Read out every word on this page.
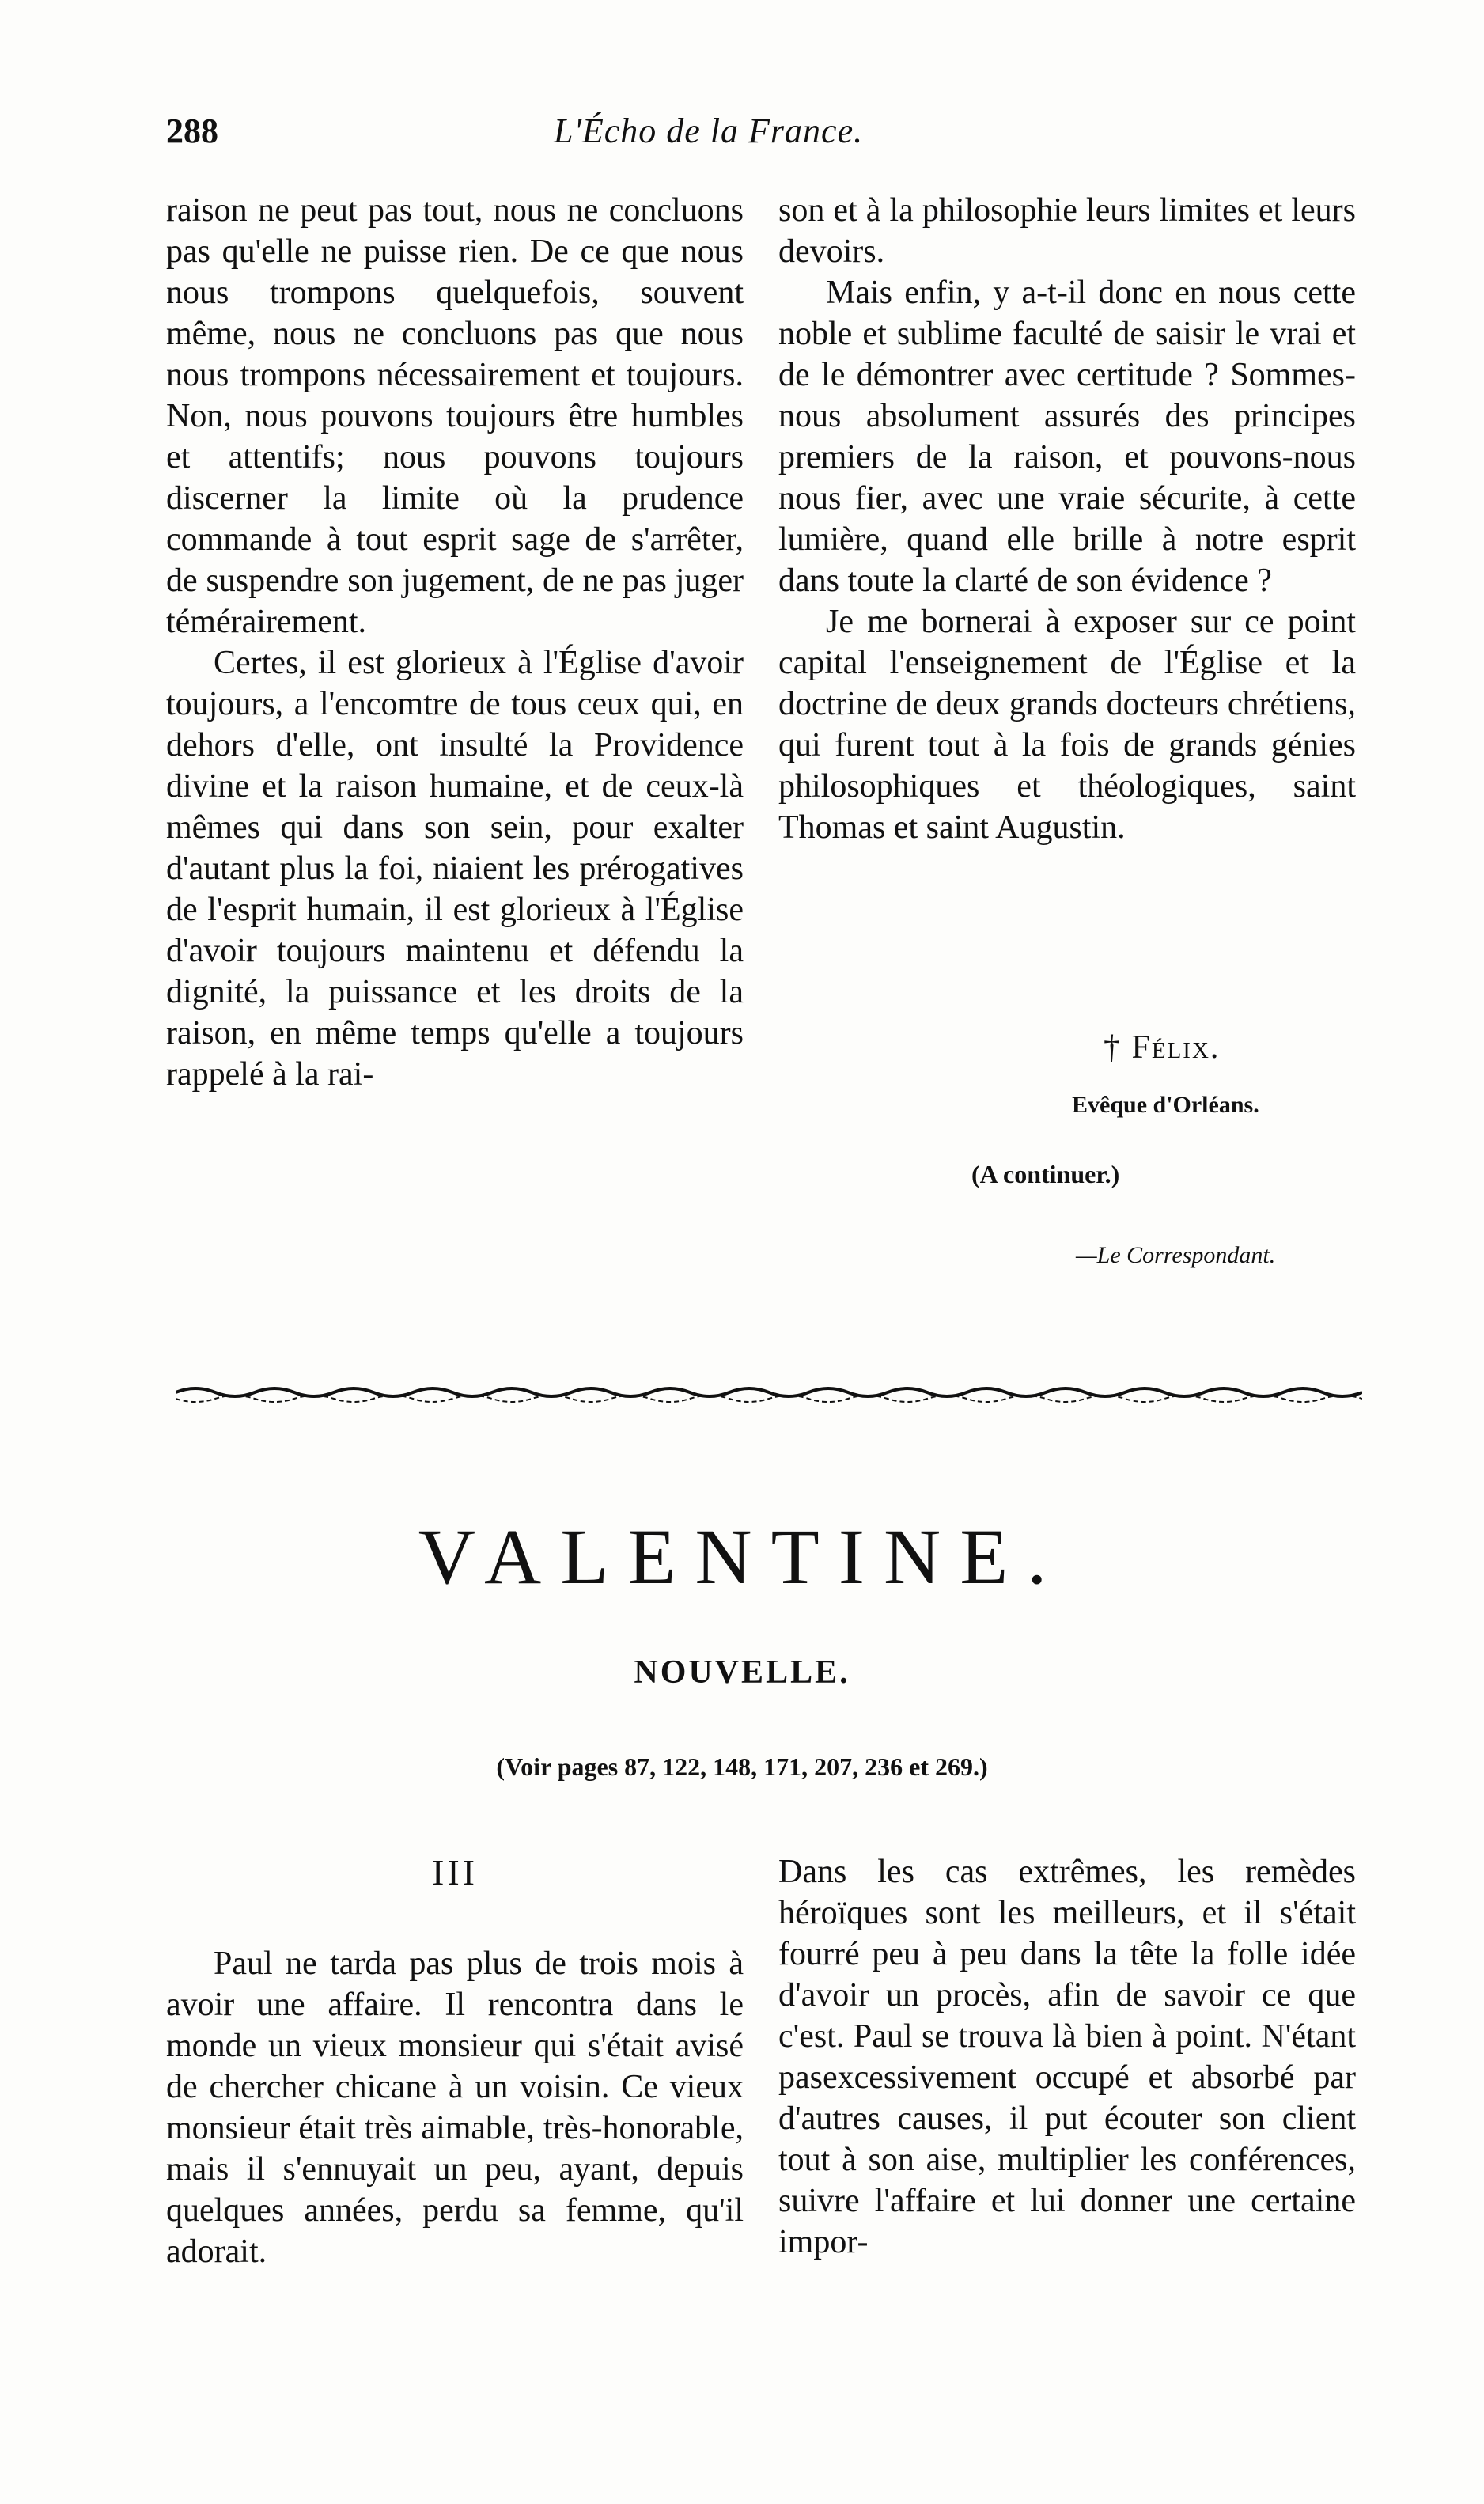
288	L'Écho de la France.

raison ne peut pas tout, nous ne concluons pas qu'elle ne puisse rien. De ce que nous nous trompons quelquefois, souvent même, nous ne concluons pas que nous nous trompons nécessairement et toujours. Non, nous pouvons toujours être humbles et attentifs; nous pouvons toujours discerner la limite où la prudence commande à tout esprit sage de s'arrêter, de suspendre son jugement, de ne pas juger témérairement.

Certes, il est glorieux à l'Église d'avoir toujours, a l'encomtre de tous ceux qui, en dehors d'elle, ont insulté la Providence divine et la raison humaine, et de ceux-là mêmes qui dans son sein, pour exalter d'autant plus la foi, niaient les prérogatives de l'esprit humain, il est glorieux à l'Église d'avoir toujours maintenu et défendu la dignité, la puissance et les droits de la raison, en même temps qu'elle a toujours rappelé à la rai-

son et à la philosophie leurs limites et leurs devoirs.

Mais enfin, y a-t-il donc en nous cette noble et sublime faculté de saisir le vrai et de le démontrer avec certitude ? Sommes-nous absolument assurés des principes premiers de la raison, et pouvons-nous nous fier, avec une vraie sécurite, à cette lumière, quand elle brille à notre esprit dans toute la clarté de son évidence ?

Je me bornerai à exposer sur ce point capital l'enseignement de l'Église et la doctrine de deux grands docteurs chrétiens, qui furent tout à la fois de grands génies philosophiques et théologiques, saint Thomas et saint Augustin.

† Félix.
Evêque d'Orléans.
(A continuer.)
—Le Correspondant.
VALENTINE.
NOUVELLE.
(Voir pages 87, 122, 148, 171, 207, 236 et 269.)
III

Paul ne tarda pas plus de trois mois à avoir une affaire. Il rencontra dans le monde un vieux monsieur qui s'était avisé de chercher chicane à un voisin. Ce vieux monsieur était très aimable, très-honorable, mais il s'ennuyait un peu, ayant, depuis quelques années, perdu sa femme, qu'il adorait.

Dans les cas extrêmes, les remèdes héroïques sont les meilleurs, et il s'était fourré peu à peu dans la tête la folle idée d'avoir un procès, afin de savoir ce que c'est. Paul se trouva là bien à point. N'étant pasexcessivement occupé et absorbé par d'autres causes, il put écouter son client tout à son aise, multiplier les conférences, suivre l'affaire et lui donner une certaine impor-
